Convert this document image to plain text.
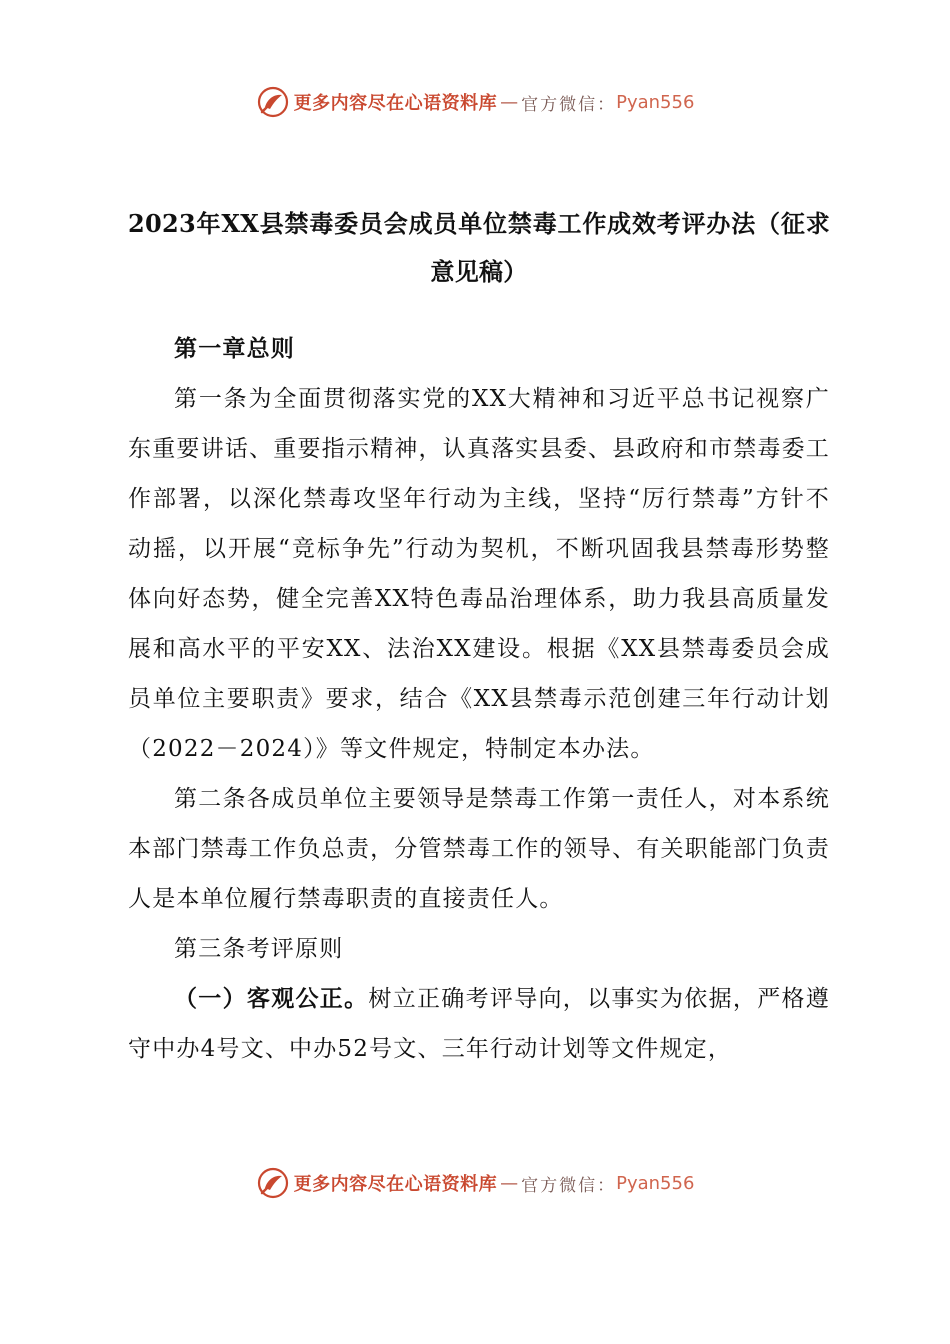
更多内容尽在心语资料库 — 官方微信： Pyan556
2023年XX县禁毒委员会成员单位禁毒工作成效考评办法（征求意见稿）

第一章总则

第一条为全面贯彻落实党的XX大精神和习近平总书记视察广东重要讲话、重要指示精神，认真落实县委、县政府和市禁毒委工作部署，以深化禁毒攻坚年行动为主线，坚持“厉行禁毒”方针不动摇，以开展“竞标争先”行动为契机，不断巩固我县禁毒形势整体向好态势，健全完善XX特色毒品治理体系，助力我县高质量发展和高水平的平安XX、法治XX建设。根据《XX县禁毒委员会成员单位主要职责》要求，结合《XX县禁毒示范创建三年行动计划（2022－2024）》等文件规定，特制定本办法。

第二条各成员单位主要领导是禁毒工作第一责任人，对本系统本部门禁毒工作负总责，分管禁毒工作的领导、有关职能部门负责人是本单位履行禁毒职责的直接责任人。

第三条考评原则

（一）客观公正。树立正确考评导向，以事实为依据，严格遵守中办4号文、中办52号文、三年行动计划等文件规定，

更多内容尽在心语资料库 — 官方微信： Pyan556
